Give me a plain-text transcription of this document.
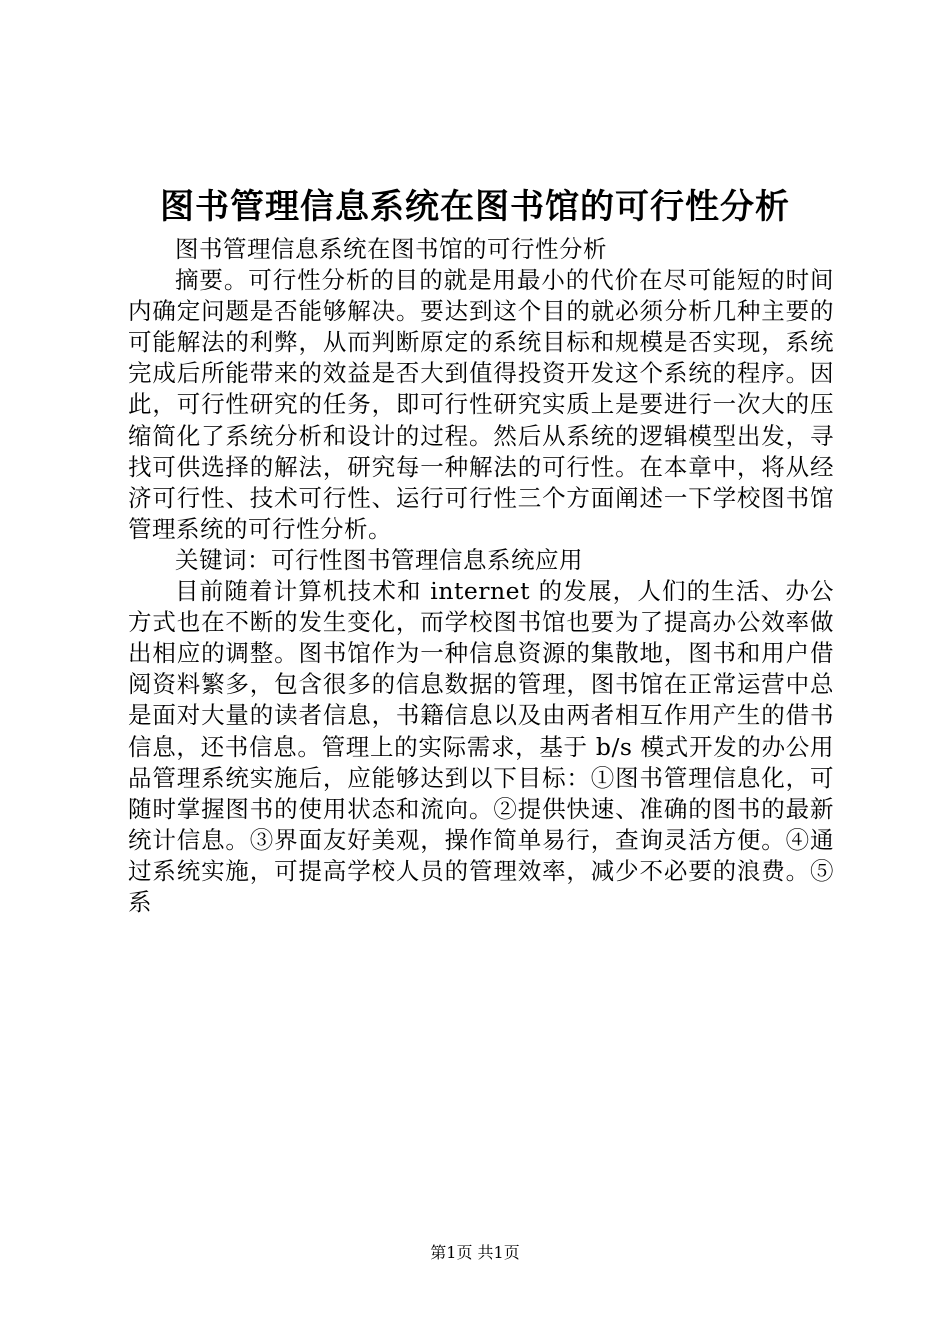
图书管理信息系统在图书馆的可行性分析

图书管理信息系统在图书馆的可行性分析

摘要。可行性分析的目的就是用最小的代价在尽可能短的时间内确定问题是否能够解决。要达到这个目的就必须分析几种主要的可能解法的利弊，从而判断原定的系统目标和规模是否实现，系统完成后所能带来的效益是否大到值得投资开发这个系统的程序。因此，可行性研究的任务，即可行性研究实质上是要进行一次大的压缩简化了系统分析和设计的过程。然后从系统的逻辑模型出发，寻找可供选择的解法，研究每一种解法的可行性。在本章中，将从经济可行性、技术可行性、运行可行性三个方面阐述一下学校图书馆管理系统的可行性分析。

关键词：可行性图书管理信息系统应用

目前随着计算机技术和 internet 的发展，人们的生活、办公方式也在不断的发生变化，而学校图书馆也要为了提高办公效率做出相应的调整。图书馆作为一种信息资源的集散地，图书和用户借阅资料繁多，包含很多的信息数据的管理，图书馆在正常运营中总是面对大量的读者信息，书籍信息以及由两者相互作用产生的借书信息，还书信息。管理上的实际需求，基于 b/s 模式开发的办公用品管理系统实施后，应能够达到以下目标：①图书管理信息化，可随时掌握图书的使用状态和流向。②提供快速、准确的图书的最新统计信息。③界面友好美观，操作简单易行，查询灵活方便。④通过系统实施，可提高学校人员的管理效率，减少不必要的浪费。⑤系

第1页 共1页
